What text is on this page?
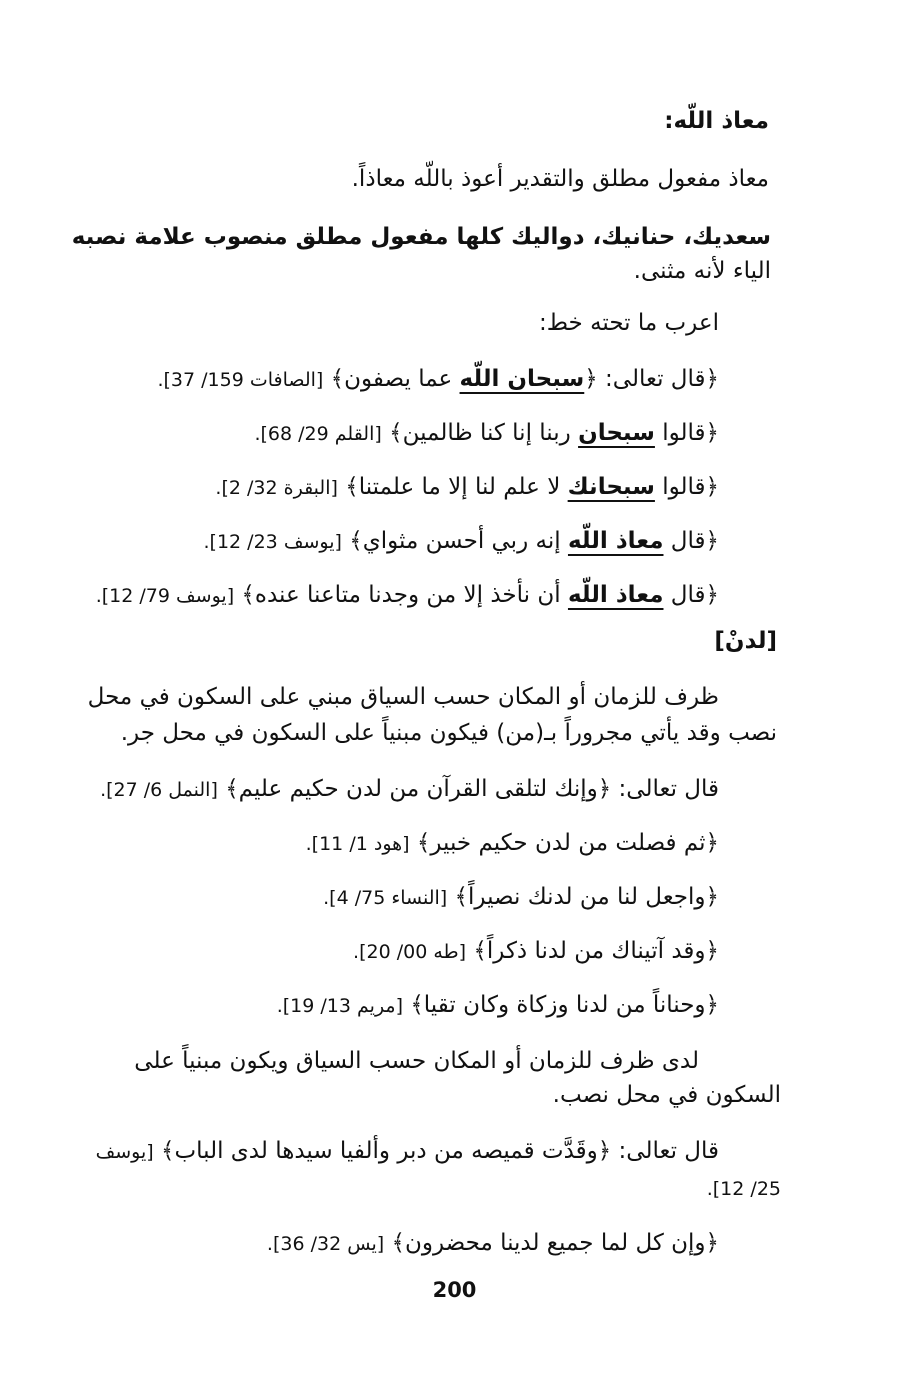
معاذ اللّه:
معاذ مفعول مطلق والتقدير أعوذ باللّه معاذاً.
سعديك، حنانيك، دواليك كلها مفعول مطلق منصوب علامة نصبه
الياء لأنه مثنى.
اعرب ما تحته خط:
﴿قال تعالى: ﴿سبحان اللّه عما يصفون﴾ [الصافات 159/ 37].
﴿قالوا سبحان ربنا إنا كنا ظالمين﴾ [القلم 29/ 68].
﴿قالوا سبحانك لا علم لنا إلا ما علمتنا﴾ [البقرة 32/ 2].
﴿قال معاذ اللّه إنه ربي أحسن مثواي﴾ [يوسف 23/ 12].
﴿قال معاذ اللّه أن نأخذ إلا من وجدنا متاعنا عنده﴾ [يوسف 79/ 12].
[لدنْ]
ظرف للزمان أو المكان حسب السياق مبني على السكون في محل
نصب وقد يأتي مجروراً بـ(من) فيكون مبنياً على السكون في محل جر.
قال تعالى: ﴿وإنك لتلقى القرآن من لدن حكيم عليم﴾ [النمل 6/ 27].
﴿ثم فصلت من لدن حكيم خبير﴾ [هود 1/ 11].
﴿واجعل لنا من لدنك نصيراً﴾ [النساء 75/ 4].
﴿وقد آتيناك من لدنا ذكراً﴾ [طه 00/ 20].
﴿وحناناً من لدنا وزكاة وكان تقيا﴾ [مريم 13/ 19].
لدى ظرف للزمان أو المكان حسب السياق ويكون مبنياً على
السكون في محل نصب.
قال تعالى: ﴿وقَدَّت قميصه من دبر وألفيا سيدها لدى الباب﴾ [يوسف
25/ 12].
﴿وإن كل لما جميع لدينا محضرون﴾ [يس 32/ 36].
200
